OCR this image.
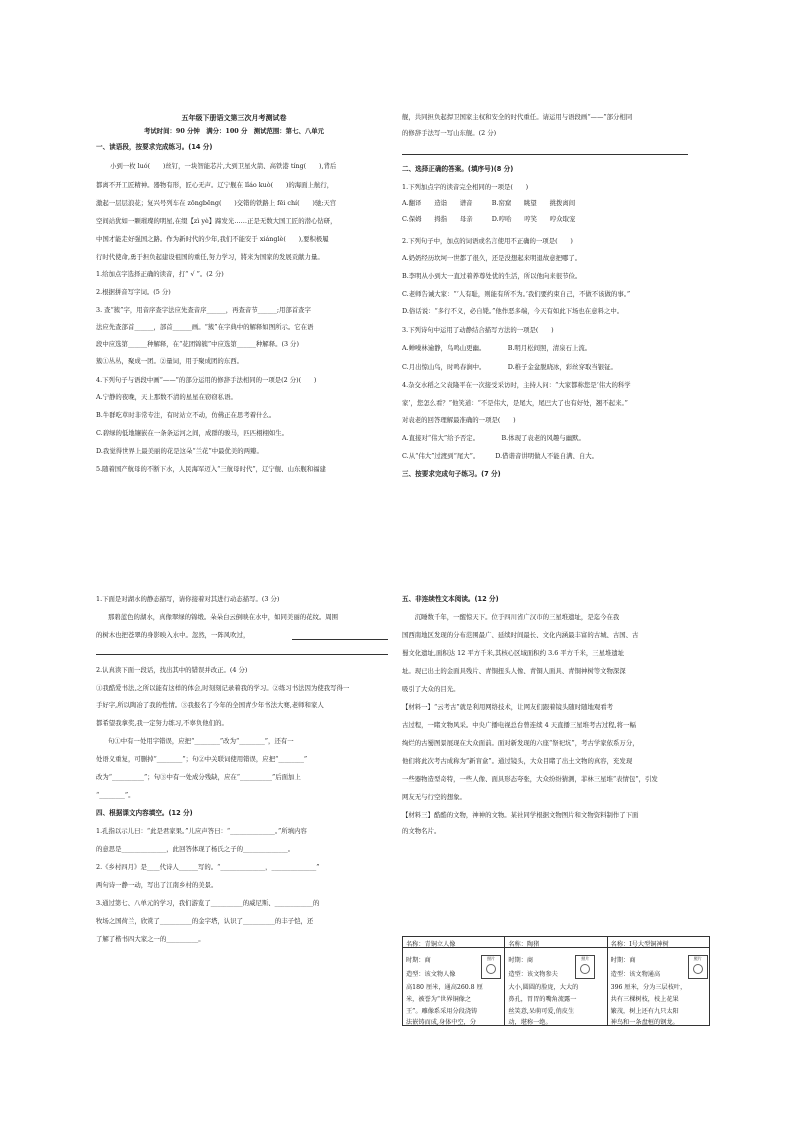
五年级下册语文第三次月考测试卷

考试时间：90 分钟　满分：100 分　测试范围：第七、八单元

一、读语段，按要求完成练习。(14 分)

小到一枚 luó(　　)丝钉，一块智能芯片,大到卫星火箭、高铁港 tíng(　　),背后

都离不开工匠精神。器物有形，匠心无声。辽宁舰在 lǐáo kuò(　　)的海面上航行，

激起一层层浪花；复兴号列车在 zōngbēng(　　)交错的铁路上 fēi chí(　　)驰;天宫

空间站犹如一颗璀璨的明星,在缀【zì yè】蹄发光……正是无数大国工匠的潜心钻研，

中国才能走好强国之路。作为新时代的少年,我们不能安于 xiánglè(　　),要积极履

行时代使命,勇于担负起建设祖国的重任,努力学习，將来为国家的发展贡献力量。

1.给加点字选择正确的读音，打“ √ ”。(2 分)

2.根据拼音写字词。(5 分)

3. 查“簇”字，用音序查字法应先查音序______，再查音节______;用部首查字

法应先查部首______，部首______画。“簇”在字典中的解释如图所示。它在语

段中应选第______种解释，在“花团锦簇”中应选第______种解释。(3 分)

簇①丛丛，聚成一团。②量词，用于聚成团的东西。

4.下列句子与语段中画“——”的部分运用的修辞手法相同的一项是(2 分)(　　)

A.宁静的夜晚，天上那数不清的星星在窃窃私语。

B.牛群吃草时非常专注，有时站立不动，仿佛正在思考着什么。

C.碧绿的低地镶嵌在一条条运河之间，成群的骏马，匹匹栩栩如生。

D.我觉得世界上最美丽的花是这朵“兰花”中最优美的两瓣。

5.随着国产航母的不断下水，人民海军迈入“三航母时代”，辽宁舰、山东舰和福建

舰，共同担负起捍卫国家主权和安全的时代重任。请运用与语段画“——”部分相同

的修辞手法写一写山东舰。(2 分)

二、选择正确的答案。(填序号)(8 分)

1.下列加点字的读音完全相同的一项是(　　)

A.翻译　　造诣　　谱音　　　B.窑窟　　眺望　　挑拨离间

C.保姆　　拇指　　母亲　　　D.哼哈　　哼笑　　哼众取宠

2.下列句子中，加点的词语或名言使用不正确的一项是(　　)

A.奶奶经历坎坷一世都了很久，还是没想起来明退故意把哪了。

B.李明从小到大一直过着养尊处优的生活，所以他向来很节俭。

C.老师告诫大家：“‘人有耻，则能有所不为。’我们要约束自己，不做不该做的事。”

D.俗话说：“多行不义，必自毙。”他作恶多端，今天有如此下场也在意料之中。

3.下列诗句中运用了动静结合描写方法的一项是(　　)

A.蝉噪林逾静，鸟鸣山更幽。　　　　B.明月松间照，清泉石上流。

C.月出惊山鸟，时鸣春涧中。　　　　D.稚子金盆脱晓冰，彩丝穿取当银钲。

4.杂交水稻之父袁隆平在一次接受采访时，主持人问：“大家都称您是‘伟大的科学

家’，您怎么看？”他笑道：“不是伟大，是尾大，尾巴大了也有好处，翘不起来。”

对袁老的回答理解最准确的一项是(　　)

A.直接对“伟大”给予否定。　　　　B.体现了袁老的风趣与幽默。

C.从“伟大”过渡到“尾大”。　　　D.借谐音讲明做人不能自满、自大。

三、按要求完成句子练习。(7 分)

1.下面是对湖水的静态描写，请你接着对其进行动态描写。(3 分)

那碧蓝色的湖水，真像翠绿的锦缎。朵朵白云倒映在水中，如同美丽的花纹。周围

的树木也把苍翠的身影映入水中。忽然，一阵风吹过，

2.认真读下面一段话，找出其中的错误并改正。(4 分)

①我酷爱书法,之所以能有这样的体会,时刻刻记录着我的学习。②练习书法因为使我写得一

手好字,所以陶冶了我的性情。③我报名了今年的全国青少年书法大赛,老师和家人

都希望我拿奖,我一定努力练习,不辜负他们的。

句①中有一处用字错误，应把“________”改为“________”，还有一

处语义重复，可删掉“________”；句②中关联词使用错误，应把“________”

改为“__________”；句③中有一处成分残缺，应在“__________”后面加上

“________”。

四、根据课文内容填空。(12 分)

1.孔指以示儿曰：“此是君家果。”儿应声答曰：“______________。”所填内容

的意思是______________，此回答体现了杨氏之子的______________。

2.《乡村四月》是____代诗人______写的。“______________，______________”

两句诗一静一动，写出了江南乡村的美景。

3.通过第七、八单元的学习，我们游览了__________的威尼斯、____________的

牧场之国荷兰，欣赏了__________的金字塔，认识了__________的丰子恺，还

了解了楷书四大家之一的__________。

五、非连续性文本阅读。(12 分)

　　沉睡数千年，一醒惊天下。位于四川省广汉市的三星堆遗址，是迄今在我

国西南地区发现的分布范围最广、延续时间最长、文化内涵最丰富的古城、古国、古

蜀文化遗址,面积达 12 平方千米,其核心区域面积约 3.6 平方千米，三星堆遗址

址。现已出土的金面具残片、青铜扭头人像、青铜人面具、青铜神树等文物深深

吸引了大众的目光。

【材料一】“云考古”就是利用网络技术，让网友们跟着镜头随时随地观看考

古过程，一睹文物风采。中央广播电视总台曾连续 4 天直播三星堆考古过程,将一幅

绚烂的古蜀图景展现在大众面前。面对新发现的六座“祭祀坑”，考古学家依系万分，

他们将此次考古成称为“新盲盒”。通过镜头，大众目睹了出土文物的真容，充发现

一些器物造型奇特，一些人像、面具形态夸张，大众纷纷猜测，菲林三星堆“表情包”，引发

网友无与行空的想象。

【材料三】酷酷的文物，神神的文物。某社同学根据文物图片和文物资料制作了下面

的文物名片。

名称：青铜立人像

时期：商	照片

造型：该文物人像

高180 厘米，通高260.8 厘

米，被誉为“世界铜像之

王”。雕像系采用分段浇铸

法嵌铸而成,身体中空，分

名称：陶猪

时期：商	照片

造型：该文物参夫

大小,圆圆的脸庞，大大的

鼻孔，胃胃的嘴角流露一

丝笑意,呆萌可爱,俏皮生

动，堪称一绝。

名称：Ⅰ号大型铜神树

时期：商	照片

造型：该文物通高

396 厘米，分为三层枝叶，

共有三棵树枝，枝上花果

繁茂，树上还有九只太阳

神鸟和一条盘桓的钢龙。
